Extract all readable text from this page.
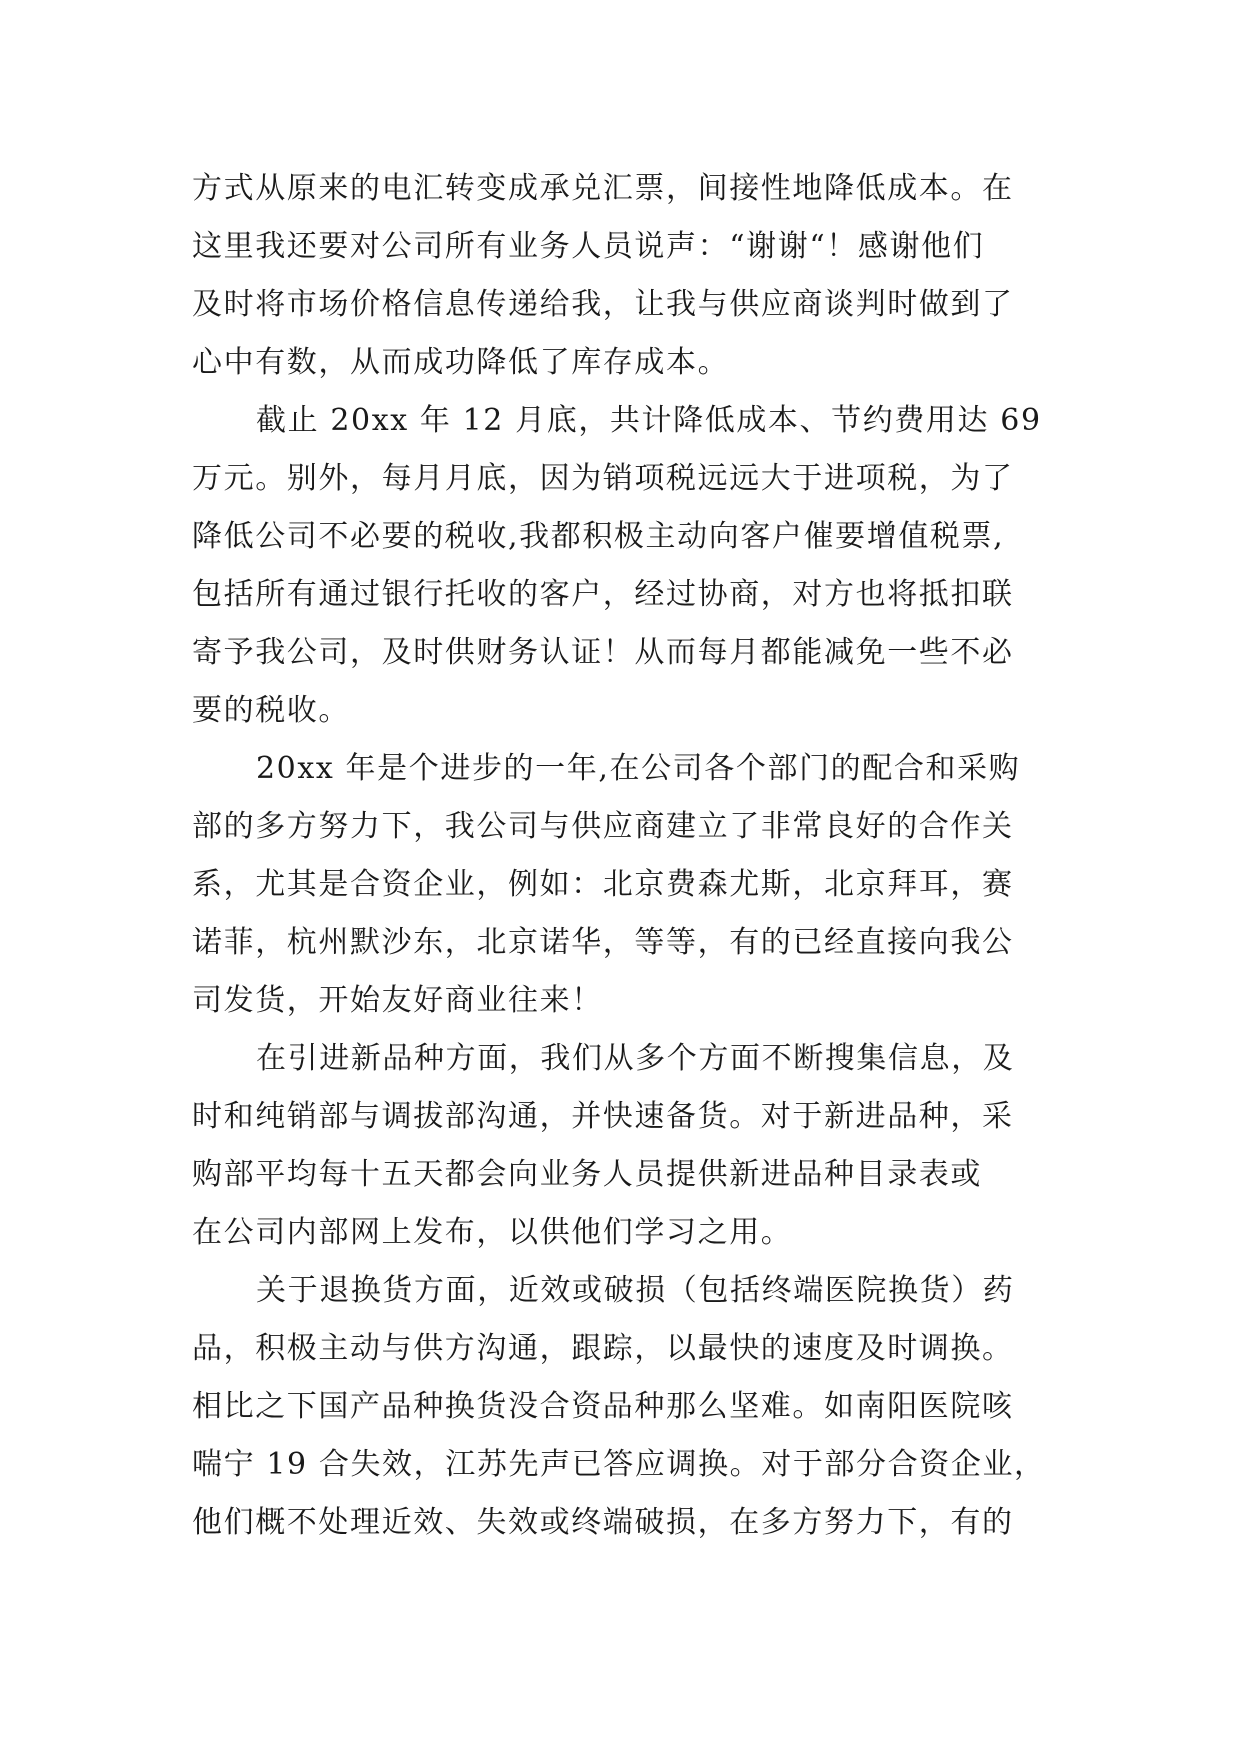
方式从原来的电汇转变成承兑汇票，间接性地降低成本。在
这里我还要对公司所有业务人员说声：“谢谢“！感谢他们
及时将市场价格信息传递给我，让我与供应商谈判时做到了
心中有数，从而成功降低了库存成本。
截止 20xx 年 12 月底，共计降低成本、节约费用达 69
万元。别外，每月月底，因为销项税远远大于进项税，为了
降低公司不必要的税收,我都积极主动向客户催要增值税票,
包括所有通过银行托收的客户，经过协商，对方也将抵扣联
寄予我公司，及时供财务认证！从而每月都能减免一些不必
要的税收。
20xx 年是个进步的一年,在公司各个部门的配合和采购
部的多方努力下，我公司与供应商建立了非常良好的合作关
系，尤其是合资企业，例如：北京费森尤斯，北京拜耳，赛
诺菲，杭州默沙东，北京诺华，等等，有的已经直接向我公
司发货，开始友好商业往来！
在引进新品种方面，我们从多个方面不断搜集信息，及
时和纯销部与调拔部沟通，并快速备货。对于新进品种，采
购部平均每十五天都会向业务人员提供新进品种目录表或
在公司内部网上发布，以供他们学习之用。
关于退换货方面，近效或破损（包括终端医院换货）药
品，积极主动与供方沟通，跟踪，以最快的速度及时调换。
相比之下国产品种换货没合资品种那么坚难。如南阳医院咳
喘宁 19 合失效，江苏先声已答应调换。对于部分合资企业，
他们概不处理近效、失效或终端破损，在多方努力下，有的
